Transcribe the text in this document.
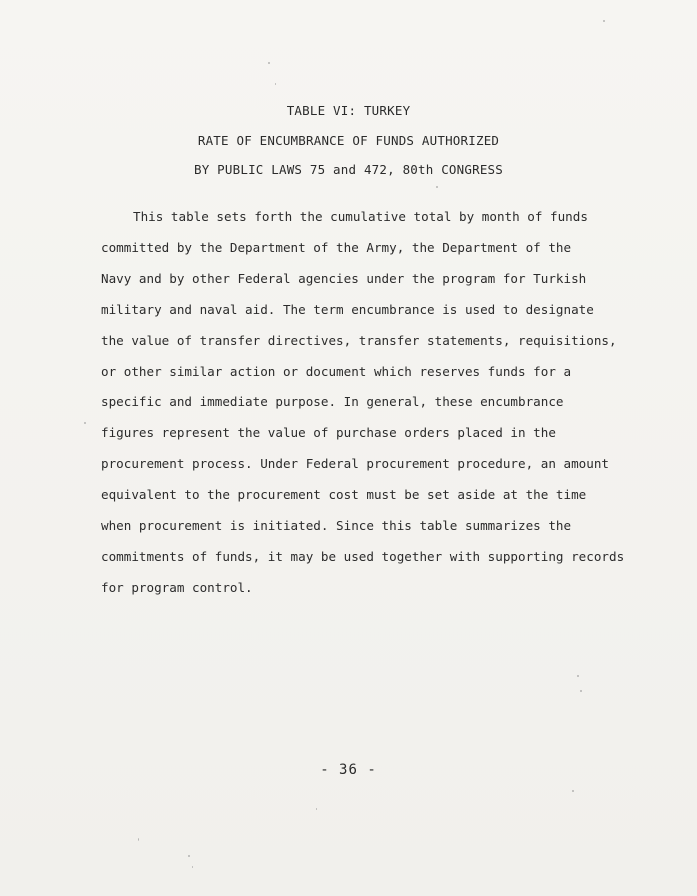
TABLE VI: TURKEY
RATE OF ENCUMBRANCE OF FUNDS AUTHORIZED
BY PUBLIC LAWS 75 and 472, 80th CONGRESS
This table sets forth the cumulative total by month of funds
committed by the Department of the Army, the Department of the
Navy and by other Federal agencies under the program for Turkish
military and naval aid. The term encumbrance is used to designate
the value of transfer directives, transfer statements, requisitions,
or other similar action or document which reserves funds for a
specific and immediate purpose. In general, these encumbrance
figures represent the value of purchase orders placed in the
procurement process. Under Federal procurement procedure, an amount
equivalent to the procurement cost must be set aside at the time
when procurement is initiated. Since this table summarizes the
commitments of funds, it may be used together with supporting records
for program control.
- 36 -
